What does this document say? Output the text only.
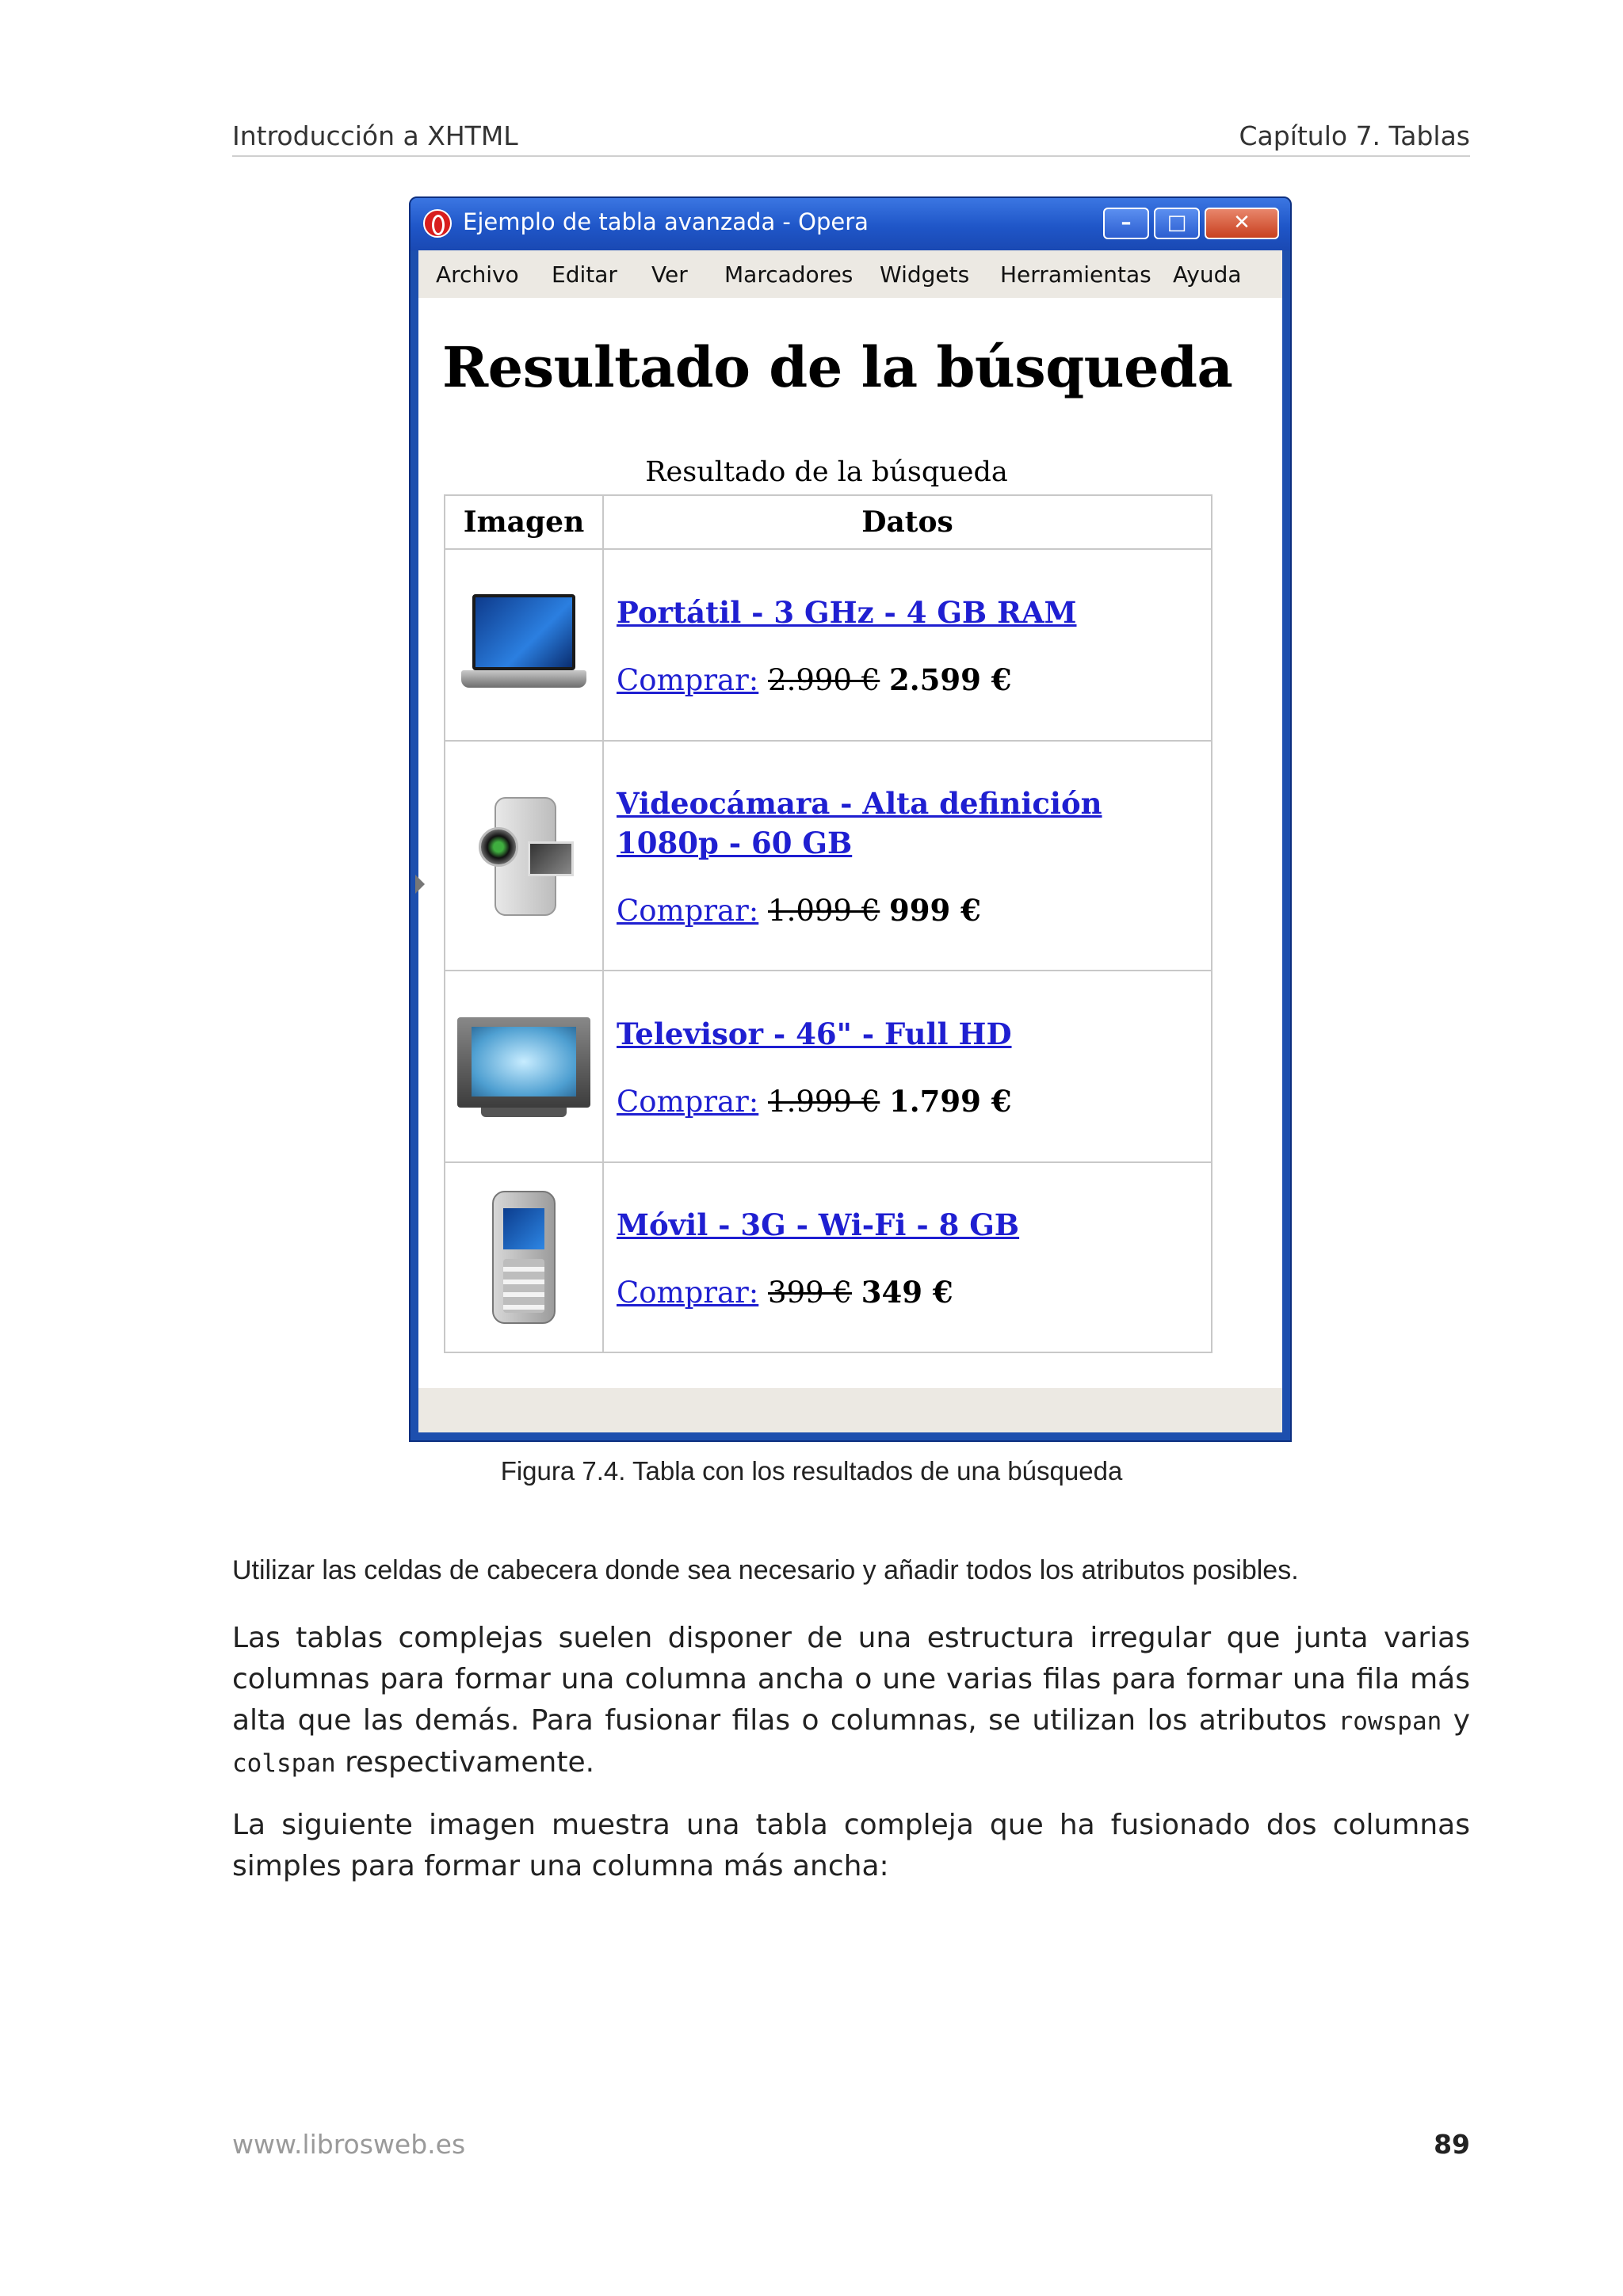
Introducción a XHTML	Capítulo 7. Tablas
Ejemplo de tabla avanzada - Opera	–	□	✕
Archivo Editar Ver Marcadores Widgets Herramientas Ayuda
Resultado de la búsqueda
Resultado de la búsqueda
Imagen	Datos

	Portátil - 3 GHz - 4 GB RAM
Comprar: 2.990 € 2.599 €

	Videocámara - Alta definición 1080p - 60 GB
Comprar: 1.099 € 999 €

	Televisor - 46" - Full HD
Comprar: 1.999 € 1.799 €

	Móvil - 3G - Wi-Fi - 8 GB
Comprar: 399 € 349 €
Figura 7.4. Tabla con los resultados de una búsqueda
Utilizar las celdas de cabecera donde sea necesario y añadir todos los atributos posibles.

Las tablas complejas suelen disponer de una estructura irregular que junta varias columnas para formar una columna ancha o une varias filas para formar una fila más alta que las demás. Para fusionar filas o columnas, se utilizan los atributos rowspan y colspan respectivamente.

La siguiente imagen muestra una tabla compleja que ha fusionado dos columnas simples para formar una columna más ancha:

www.librosweb.es	89
